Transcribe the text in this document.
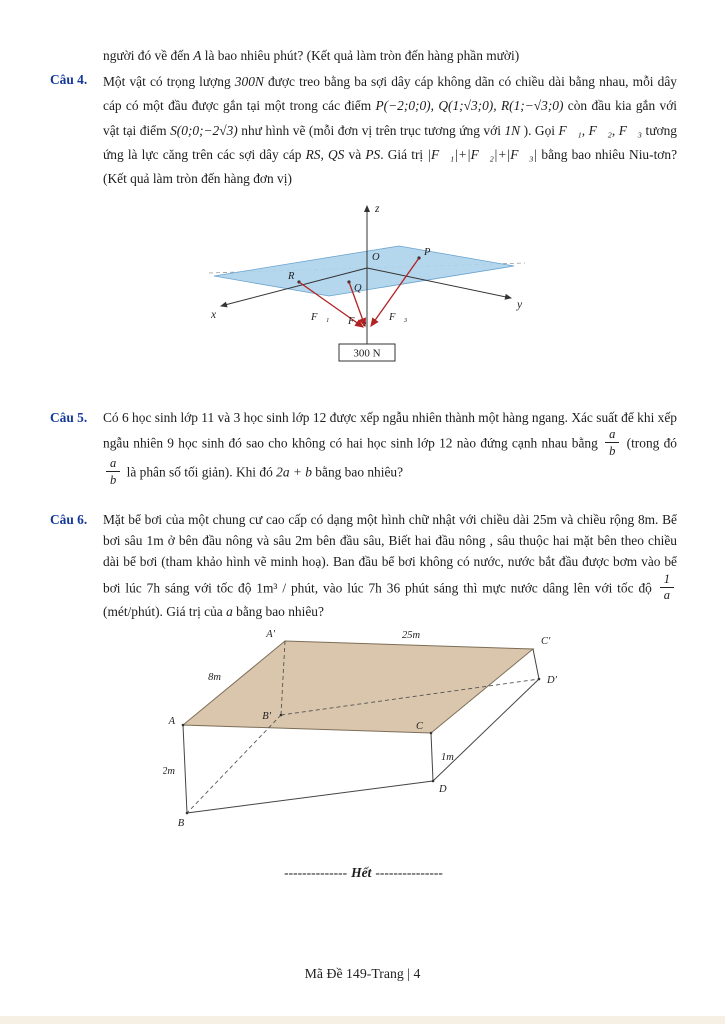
người đó về đến A là bao nhiêu phút? (Kết quả làm tròn đến hàng phần mười)
Câu 4.	Một vật có trọng lượng 300N được treo bằng ba sợi dây cáp không dãn có chiều dài bằng nhau, mỗi dây cáp có một đầu được gắn tại một trong các điểm P(−2;0;0), Q(1;√3;0), R(1;−√3;0) còn đầu kia gắn với vật tại điểm S(0;0;−2√3) như hình vẽ (mỗi đơn vị trên trục tương ứng với 1N ). Gọi F⃗₁, F⃗₂, F⃗₃ tương ứng là lực căng trên các sợi dây cáp RS, QS và PS. Giá trị |F⃗₁|+|F⃗₂|+|F⃗₃| bằng bao nhiêu Niu-tơn? (Kết quả làm tròn đến hàng đơn vị)
z
x
y
R
Q
P
O
F⃗₁ F⃗₂ F⃗₃
300 N
Câu 5.	Có 6 học sinh lớp 11 và 3 học sinh lớp 12 được xếp ngẫu nhiên thành một hàng ngang. Xác suất để khi xếp ngẫu nhiên 9 học sinh đó sao cho không có hai học sinh lớp 12 nào đứng cạnh nhau bằng $\frac{a}{b}$ (trong đó
$\frac{a}{b}$ là phân số tối giản). Khi đó 2a + b bằng bao nhiêu?
Câu 6.	Mặt bể bơi của một chung cư cao cấp có dạng một hình chữ nhật với chiều dài 25m và chiều rộng 8m. Bể bơi sâu 1m ở bên đầu nông và sâu 2m bên đầu sâu, Biết hai đầu nông , sâu thuộc hai mặt bên theo chiều dài bể bơi (tham khảo hình vẽ minh hoạ). Ban đầu bể bơi không có nước, nước bắt đầu được bơm vào bể bơi lúc 7h sáng với tốc độ 1m³ / phút, vào lúc 7h 36 phút sáng thì mực nước dâng lên với tốc độ $\frac{1}{a}$
(mét/phút). Giá trị của a bằng bao nhiêu?
A′	25m
C′
D′
8m
B′
A	C
1m
D
2m
B
-------------- Hết ---------------
Mã Đề 149-Trang | 4
